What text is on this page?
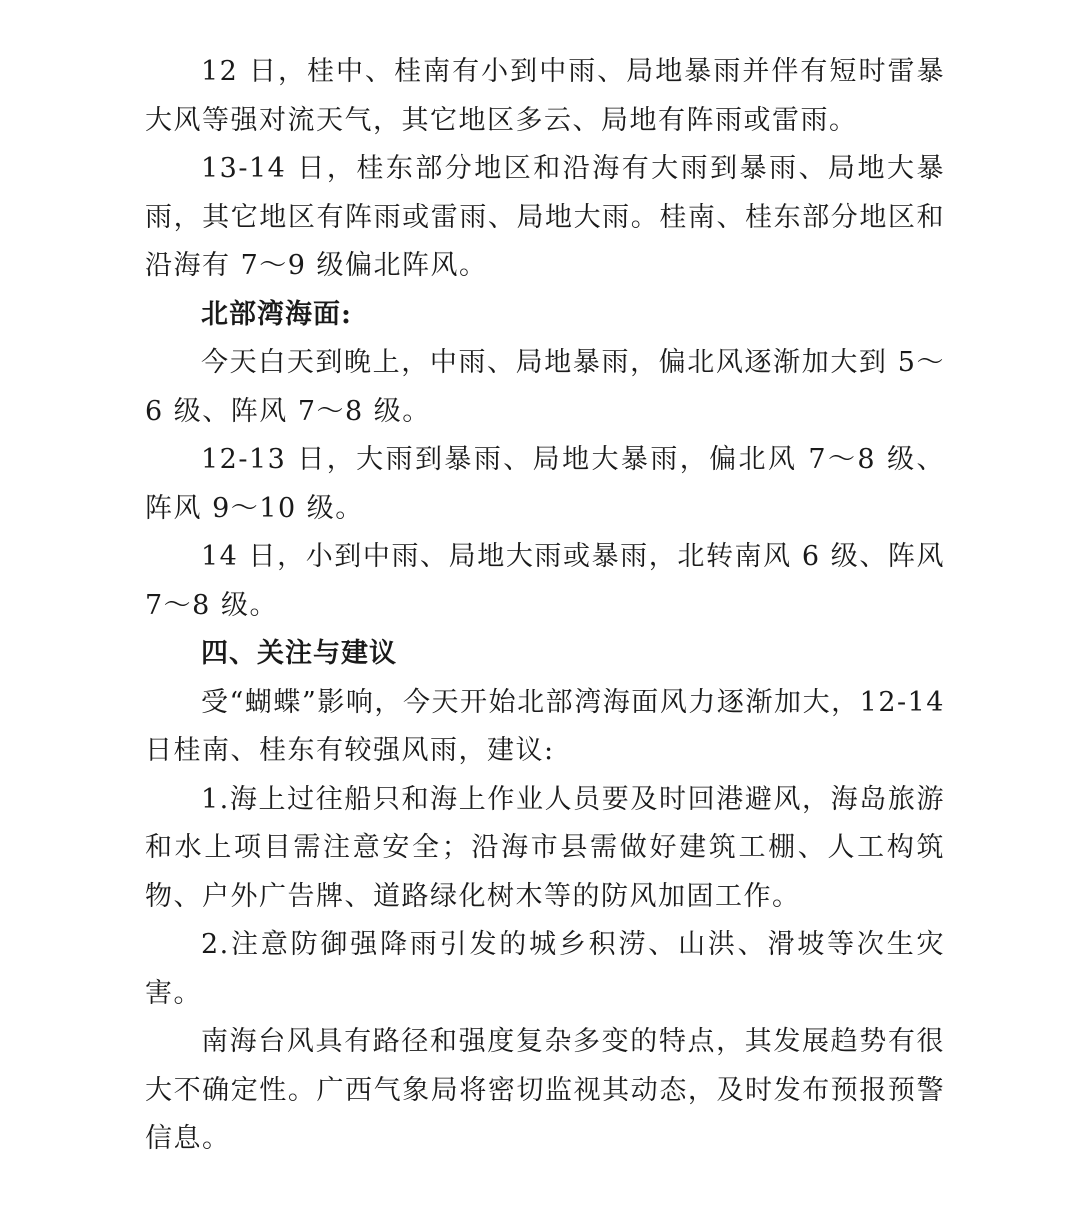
12 日，桂中、桂南有小到中雨、局地暴雨并伴有短时雷暴大风等强对流天气，其它地区多云、局地有阵雨或雷雨。

13-14 日，桂东部分地区和沿海有大雨到暴雨、局地大暴雨，其它地区有阵雨或雷雨、局地大雨。桂南、桂东部分地区和沿海有 7～9 级偏北阵风。

北部湾海面:

今天白天到晚上，中雨、局地暴雨，偏北风逐渐加大到 5～6 级、阵风 7～8 级。

12-13 日，大雨到暴雨、局地大暴雨，偏北风 7～8 级、阵风 9～10 级。

14 日，小到中雨、局地大雨或暴雨，北转南风 6 级、阵风 7～8 级。

四、关注与建议

受“蝴蝶”影响，今天开始北部湾海面风力逐渐加大，12-14 日桂南、桂东有较强风雨，建议:

1.海上过往船只和海上作业人员要及时回港避风，海岛旅游和水上项目需注意安全；沿海市县需做好建筑工棚、人工构筑物、户外广告牌、道路绿化树木等的防风加固工作。

2.注意防御强降雨引发的城乡积涝、山洪、滑坡等次生灾害。

南海台风具有路径和强度复杂多变的特点，其发展趋势有很大不确定性。广西气象局将密切监视其动态，及时发布预报预警信息。
